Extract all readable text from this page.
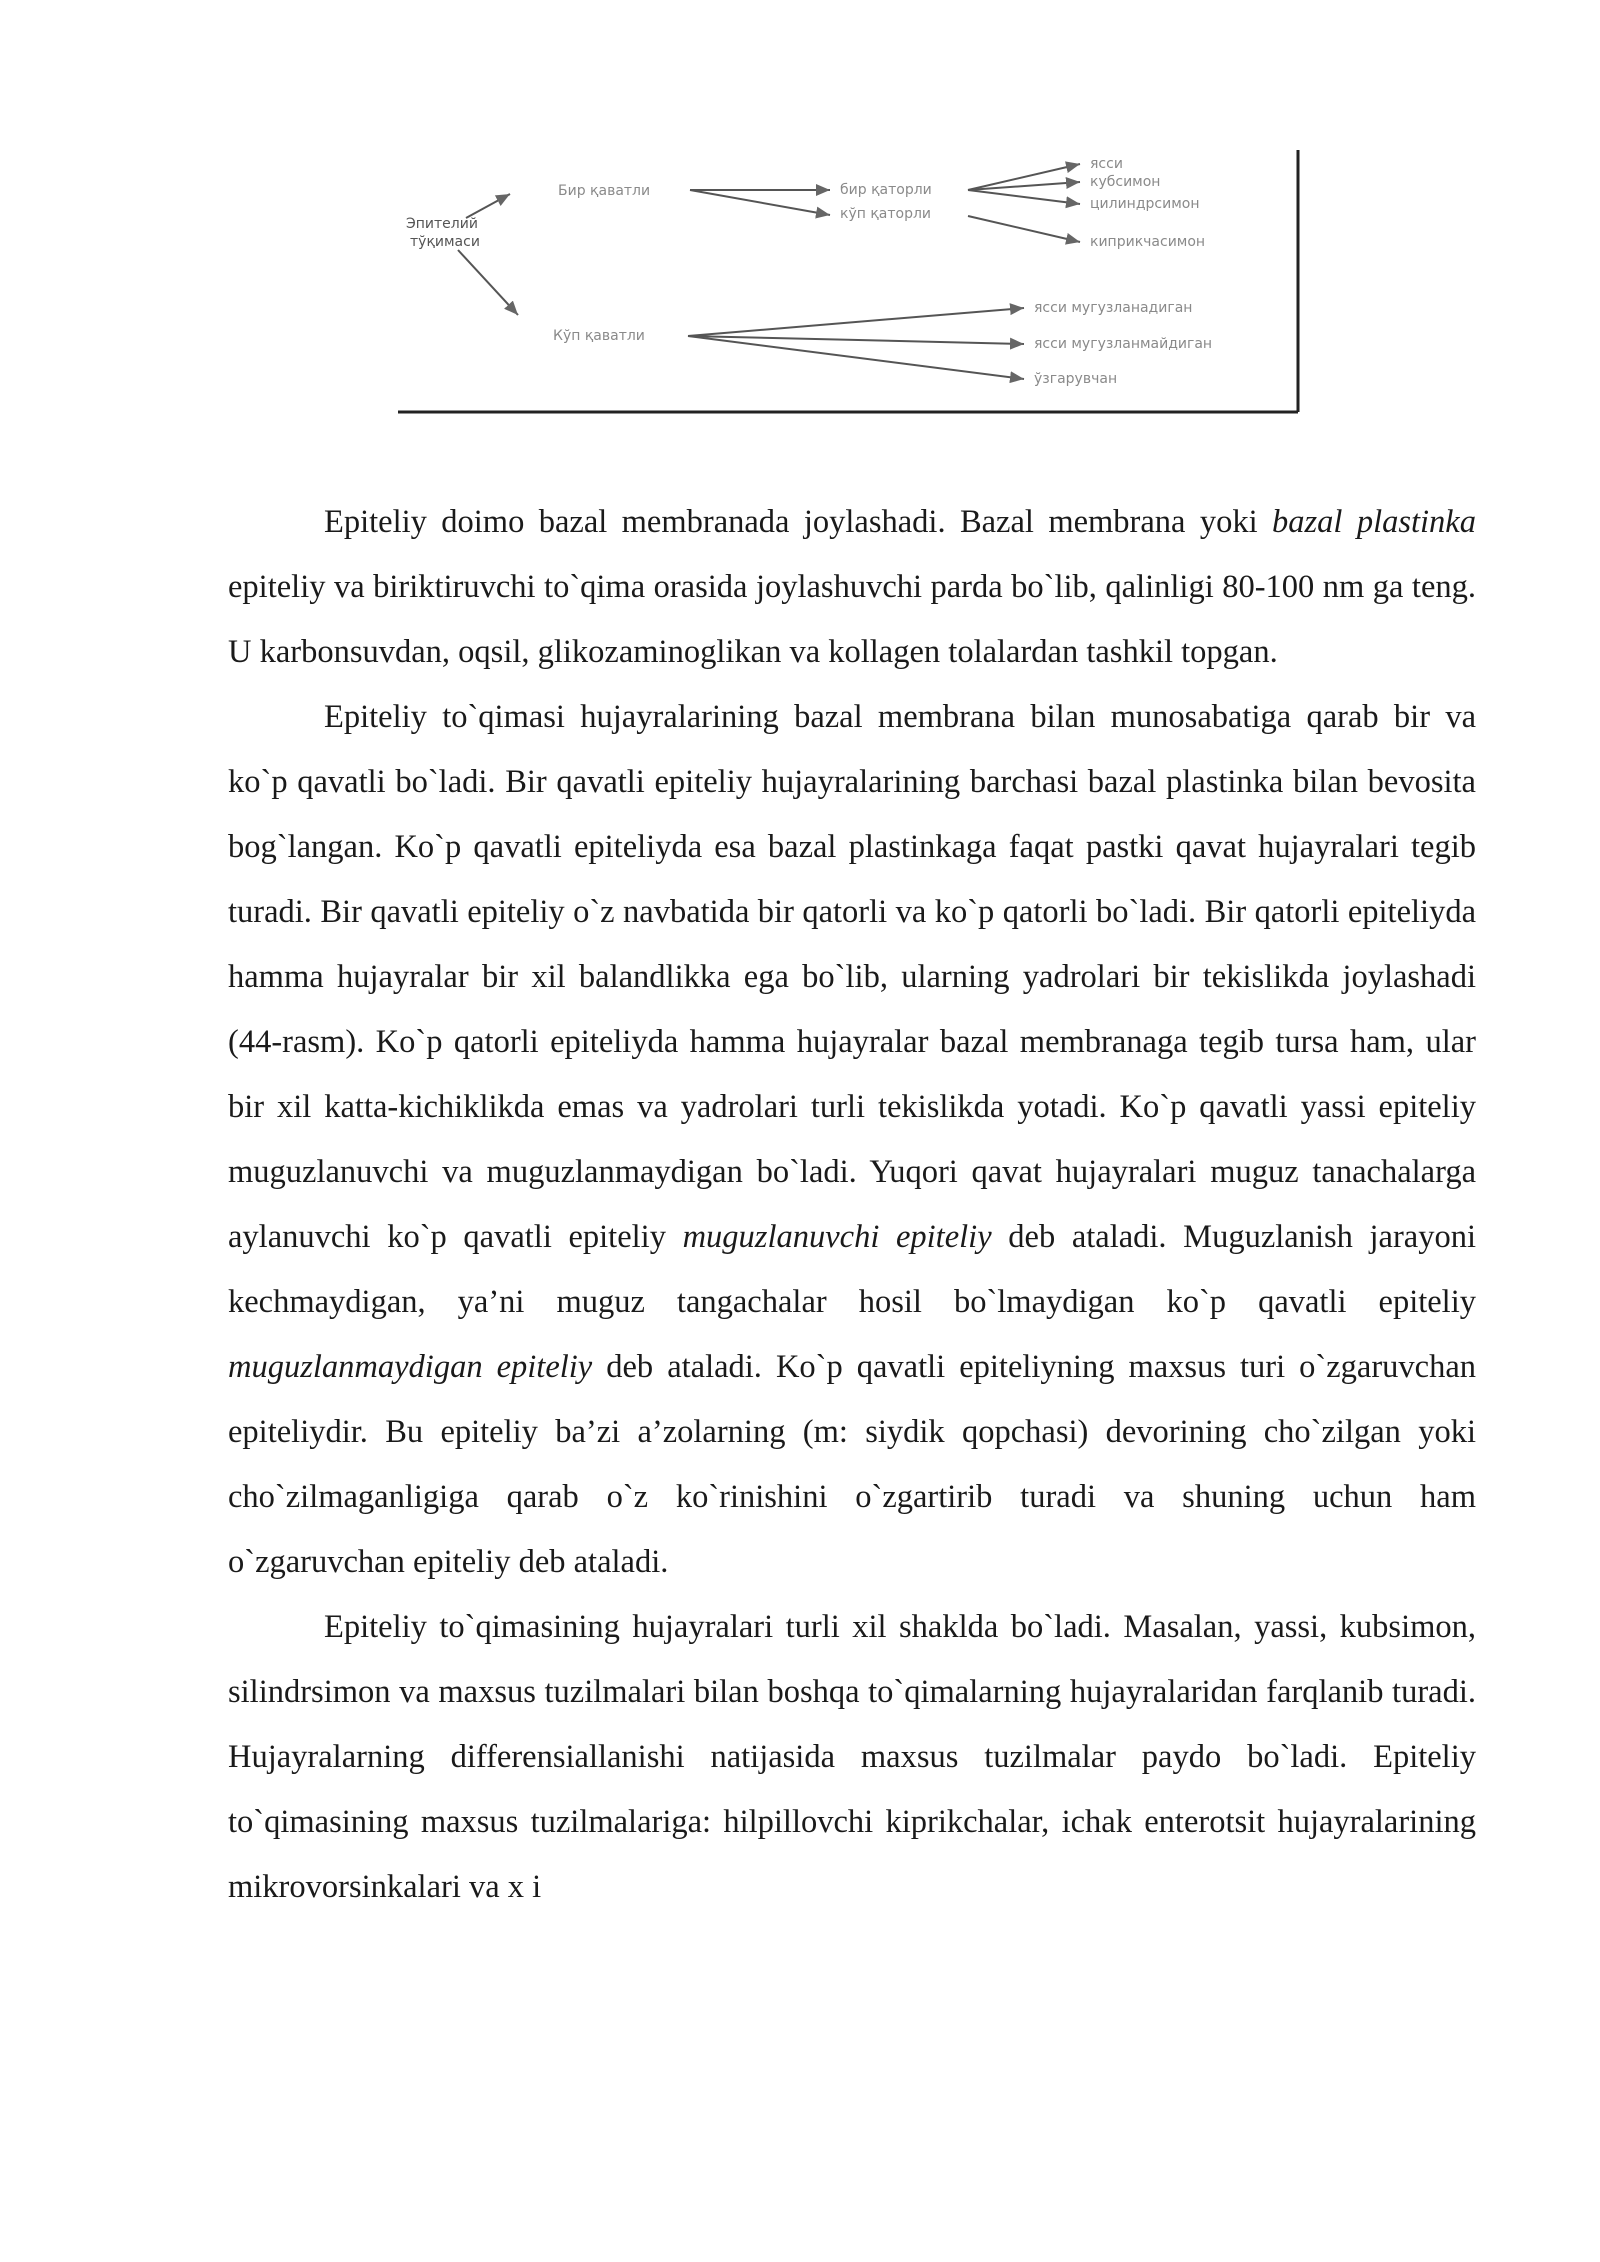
Эпителий тўқимаси
Бир қаватли
Кўп қаватли
бир қаторли
кўп қаторли
ясси
кубсимон
цилиндрсимон
киприкчасимон
ясси мугузланадиган
ясси мугузланмайдиган
ўзгарувчан

Epiteliy doimo bazal membranada joylashadi. Bazal membrana yoki bazal plastinka epiteliy va biriktiruvchi to`qima orasida joylashuvchi parda bo`lib, qalinligi 80-100 nm ga teng. U karbonsuvdan, oqsil, glikozaminoglikan va kollagen tolalardan tashkil topgan.

Epiteliy to`qimasi hujayralarining bazal membrana bilan munosabatiga qarab bir va ko`p qavatli bo`ladi. Bir qavatli epiteliy hujayralarining barchasi bazal plastinka bilan bevosita bog`langan. Ko`p qavatli epiteliyda esa bazal plastinkaga faqat pastki qavat hujayralari tegib turadi. Bir qavatli epiteliy o`z navbatida bir qatorli va ko`p qatorli bo`ladi. Bir qatorli epiteliyda hamma hujayralar bir xil balandlikka ega bo`lib, ularning yadrolari bir tekislikda joylashadi (44-rasm). Ko`p qatorli epiteliyda hamma hujayralar bazal membranaga tegib tursa ham, ular bir xil katta-kichiklikda emas va yadrolari turli tekislikda yotadi. Ko`p qavatli yassi epiteliy muguzlanuvchi va muguzlanmaydigan bo`ladi. Yuqori qavat hujayralari muguz tanachalarga aylanuvchi ko`p qavatli epiteliy muguzlanuvchi epiteliy deb ataladi. Muguzlanish jarayoni kechmaydigan, ya’ni muguz tangachalar hosil bo`lmaydigan ko`p qavatli epiteliy muguzlanmaydigan epiteliy deb ataladi. Ko`p qavatli epiteliyning maxsus turi o`zgaruvchan epiteliydir. Bu epiteliy ba’zi a’zolarning (m: siydik qopchasi) devorining cho`zilgan yoki cho`zilmaganligiga qarab o`z ko`rinishini o`zgartirib turadi va shuning uchun ham o`zgaruvchan epiteliy deb ataladi.

Epiteliy to`qimasining hujayralari turli xil shaklda bo`ladi. Masalan, yassi, kubsimon, silindrsimon va maxsus tuzilmalari bilan boshqa to`qimalarning hujayralaridan farqlanib turadi. Hujayralarning differensiallanishi natijasida maxsus tuzilmalar paydo bo`ladi. Epiteliy to`qimasining maxsus tuzilmalariga: hilpillovchi kiprikchalar, ichak enterotsit hujayralarining mikrovorsinkalari va x i
